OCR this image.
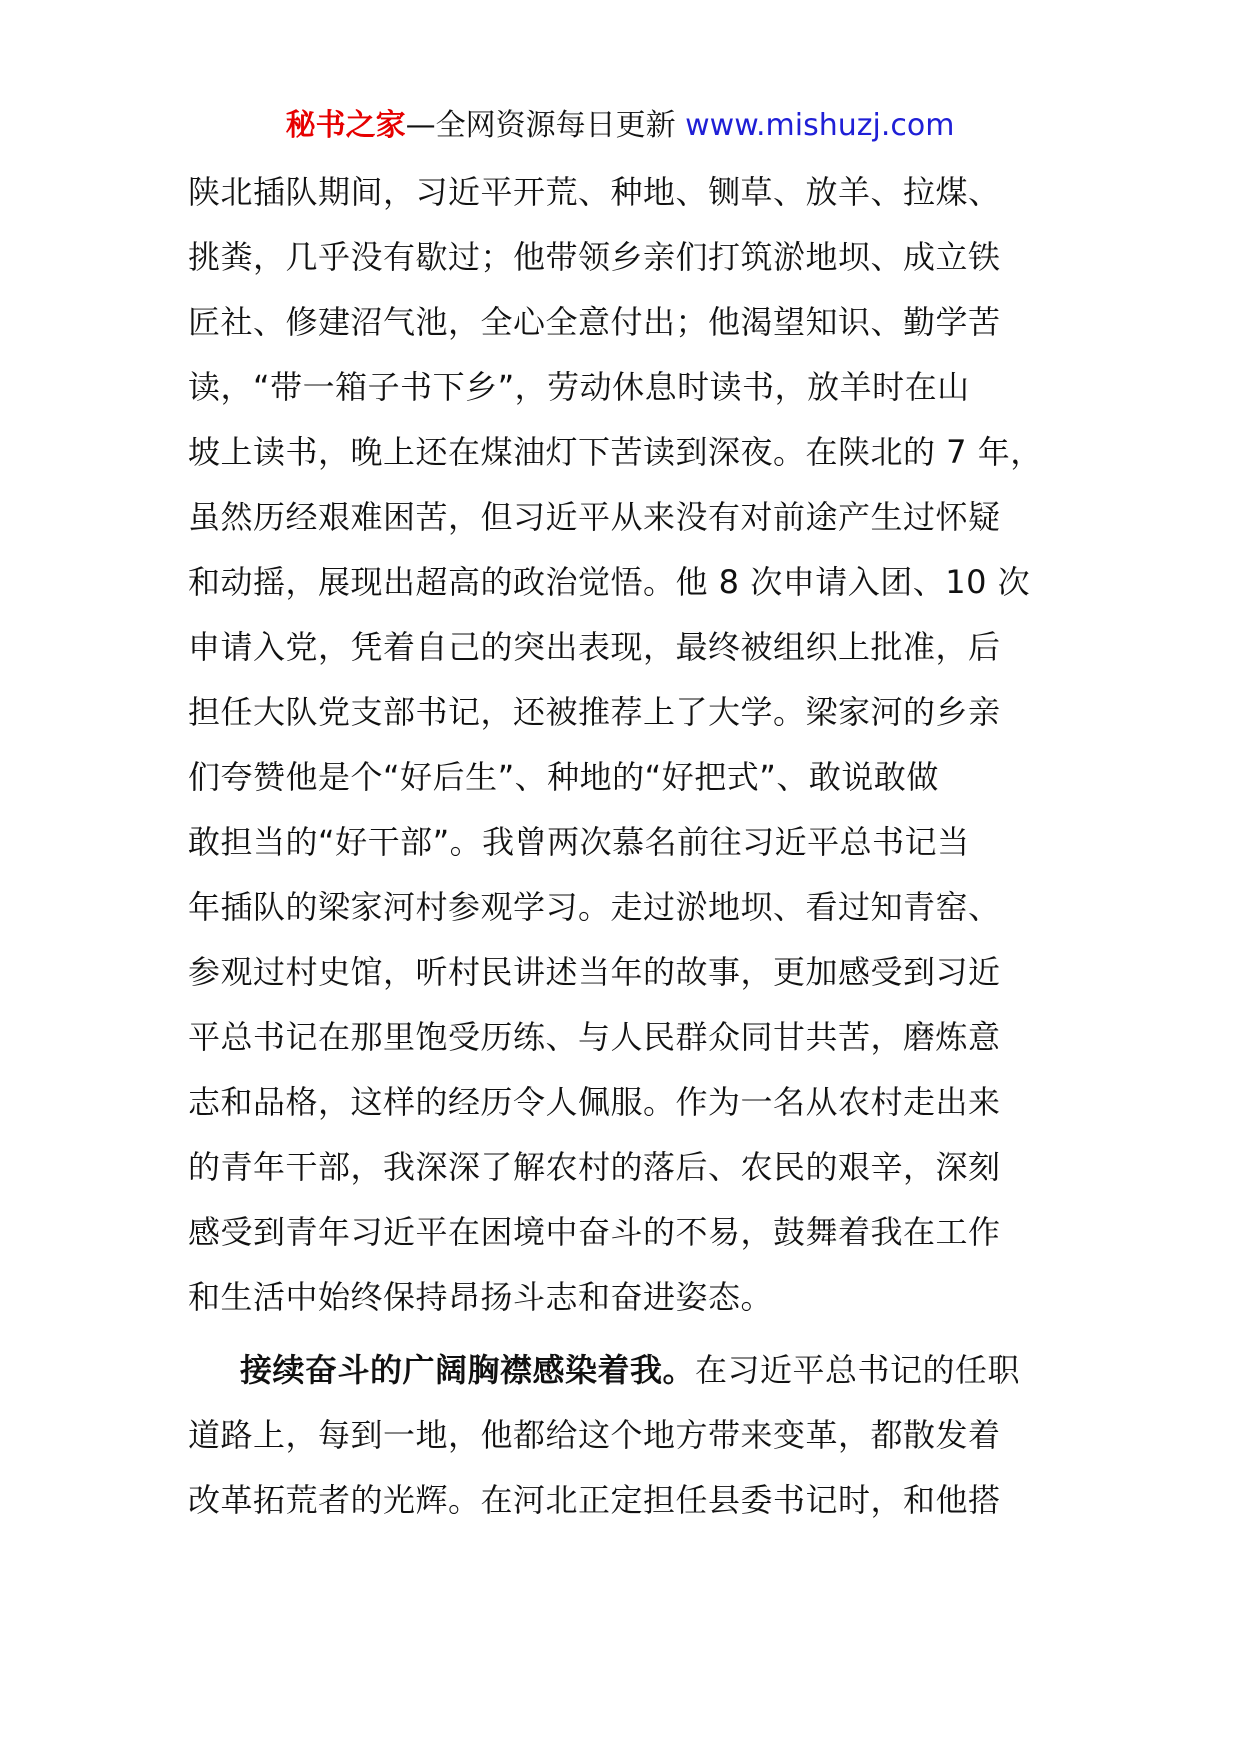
秘书之家—全网资源每日更新 www.mishuzj.com
陕北插队期间，习近平开荒、种地、铡草、放羊、拉煤、
挑粪，几乎没有歇过；他带领乡亲们打筑淤地坝、成立铁
匠社、修建沼气池，全心全意付出；他渴望知识、勤学苦
读，“带一箱子书下乡”，劳动休息时读书，放羊时在山
坡上读书，晚上还在煤油灯下苦读到深夜。在陕北的 7 年，
虽然历经艰难困苦，但习近平从来没有对前途产生过怀疑
和动摇，展现出超高的政治觉悟。他 8 次申请入团、10 次
申请入党，凭着自己的突出表现，最终被组织上批准，后
担任大队党支部书记，还被推荐上了大学。梁家河的乡亲
们夸赞他是个“好后生”、种地的“好把式”、敢说敢做
敢担当的“好干部”。我曾两次慕名前往习近平总书记当
年插队的梁家河村参观学习。走过淤地坝、看过知青窑、
参观过村史馆，听村民讲述当年的故事，更加感受到习近
平总书记在那里饱受历练、与人民群众同甘共苦，磨炼意
志和品格，这样的经历令人佩服。作为一名从农村走出来
的青年干部，我深深了解农村的落后、农民的艰辛，深刻
感受到青年习近平在困境中奋斗的不易，鼓舞着我在工作
和生活中始终保持昂扬斗志和奋进姿态。
接续奋斗的广阔胸襟感染着我。在习近平总书记的任职
道路上，每到一地，他都给这个地方带来变革，都散发着
改革拓荒者的光辉。在河北正定担任县委书记时，和他搭
